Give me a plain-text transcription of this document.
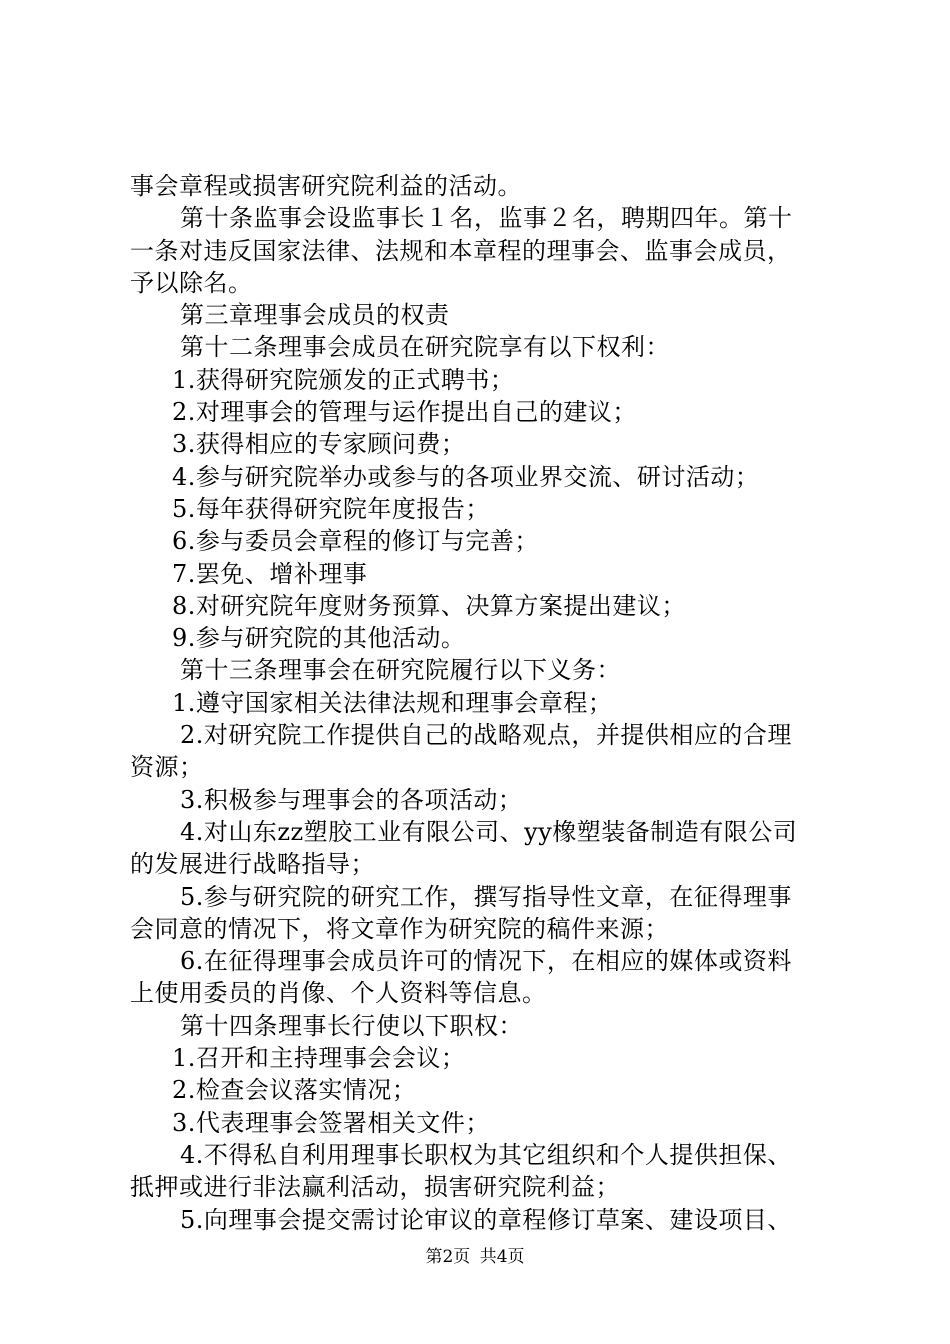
事会章程或损害研究院利益的活动。
第十条监事会设监事长１名，监事２名，聘期四年。第十
一条对违反国家法律、法规和本章程的理事会、监事会成员，
予以除名。
第三章理事会成员的权责
第十二条理事会成员在研究院享有以下权利：
1.获得研究院颁发的正式聘书；
2.对理事会的管理与运作提出自己的建议；
3.获得相应的专家顾问费；
4.参与研究院举办或参与的各项业界交流、研讨活动；
5.每年获得研究院年度报告；
6.参与委员会章程的修订与完善；
7.罢免、增补理事
8.对研究院年度财务预算、决算方案提出建议；
9.参与研究院的其他活动。
第十三条理事会在研究院履行以下义务：
1.遵守国家相关法律法规和理事会章程；
2.对研究院工作提供自己的战略观点，并提供相应的合理
资源；
3.积极参与理事会的各项活动；
4.对山东zz塑胶工业有限公司、yy橡塑装备制造有限公司
的发展进行战略指导；
5.参与研究院的研究工作，撰写指导性文章，在征得理事
会同意的情况下，将文章作为研究院的稿件来源；
6.在征得理事会成员许可的情况下，在相应的媒体或资料
上使用委员的肖像、个人资料等信息。
第十四条理事长行使以下职权：
1.召开和主持理事会会议；
2.检查会议落实情况；
3.代表理事会签署相关文件；
4.不得私自利用理事长职权为其它组织和个人提供担保、
抵押或进行非法赢利活动，损害研究院利益；
5.向理事会提交需讨论审议的章程修订草案、建设项目、
第2页 共4页
